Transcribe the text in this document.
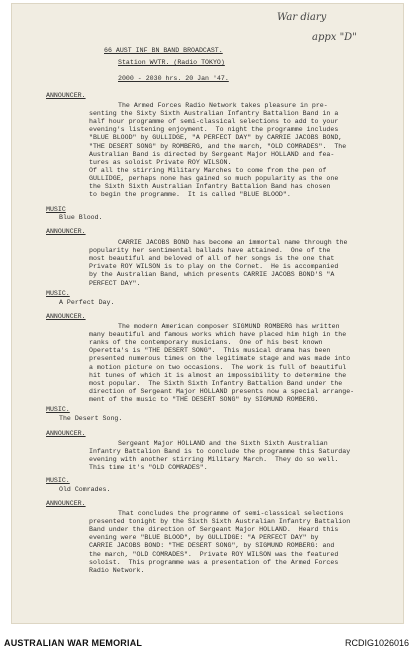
War diary
appx "D"
66 AUST INF BN BAND BROADCAST.
Station WVTR. (Radio TOKYO)
2000 - 2030 hrs. 20 Jan '47.
ANNOUNCER.
The Armed Forces Radio Network takes pleasure in pre-
senting the Sixty Sixth Australian Infantry Battalion Band in a
half hour programme of semi-classical selections to add to your
evening's listening enjoyment.  To night the programme includes
"BLUE BLOOD" by GULLIDGE, "A PERFECT DAY" by CARRIE JACOBS BOND,
"THE DESERT SONG" by ROMBERG, and the march, "OLD COMRADES".  The
Australian Band is directed by Sergeant Major HOLLAND and fea-
tures as soloist Private ROY WILSON.
Of all the stirring Military Marches to come from the pen of
GULLIDGE, perhaps none has gained so much popularity as the one
the Sixth Sixth Australian Infantry Battalion Band has chosen
to begin the programme.  It is called "BLUE BLOOD".
MUSIC
Blue Blood.
ANNOUNCER.
CARRIE JACOBS BOND has become an immortal name through the
popularity her sentimental ballads have attained.  One of the
most beautiful and beloved of all of her songs is the one that
Private ROY WILSON is to play on the Cornet.  He is accompanied
by the Australian Band, which presents CARRIE JACOBS BOND'S "A
PERFECT DAY".
MUSIC.
A Perfect Day.
ANNOUNCER.
The modern American composer SIGMUND ROMBERG has written
many beautiful and famous works which have placed him high in the
ranks of the contemporary musicians.  One of his best known
Operetta's is "THE DESERT SONG".  This musical drama has been
presented numerous times on the legitimate stage and was made into
a motion picture on two occasions.  The work is full of beautiful
hit tunes of which it is almost an impossibility to determine the
most popular.  The Sixth Sixth Infantry Battalion Band under the
direction of Sergeant Major HOLLAND presents now a special arrange-
ment of the music to "THE DESERT SONG" by SIGMUND ROMBERG.
MUSIC.
The Desert Song.
ANNOUNCER.
Sergeant Major HOLLAND and the Sixth Sixth Australian
Infantry Battalion Band is to conclude the programme this Saturday
evening with another stirring Military March.  They do so well.
This time it's "OLD COMRADES".
MUSIC.
Old Comrades.
ANNOUNCER.
That concludes the programme of semi-classical selections
presented tonight by the Sixth Sixth Australian Infantry Battalion
Band under the direction of Sergeant Major HOLLAND.  Heard this
evening were "BLUE BLOOD", by GULLIDGE: "A PERFECT DAY" by
CARRIE JACOBS BOND: "THE DESERT SONG", by SIGMUND ROMBERG: and
the march, "OLD COMRADES".  Private ROY WILSON was the featured
soloist.  This programme was a presentation of the Armed Forces
Radio Network.
AUSTRALIAN WAR MEMORIAL	RCDIG1026016
